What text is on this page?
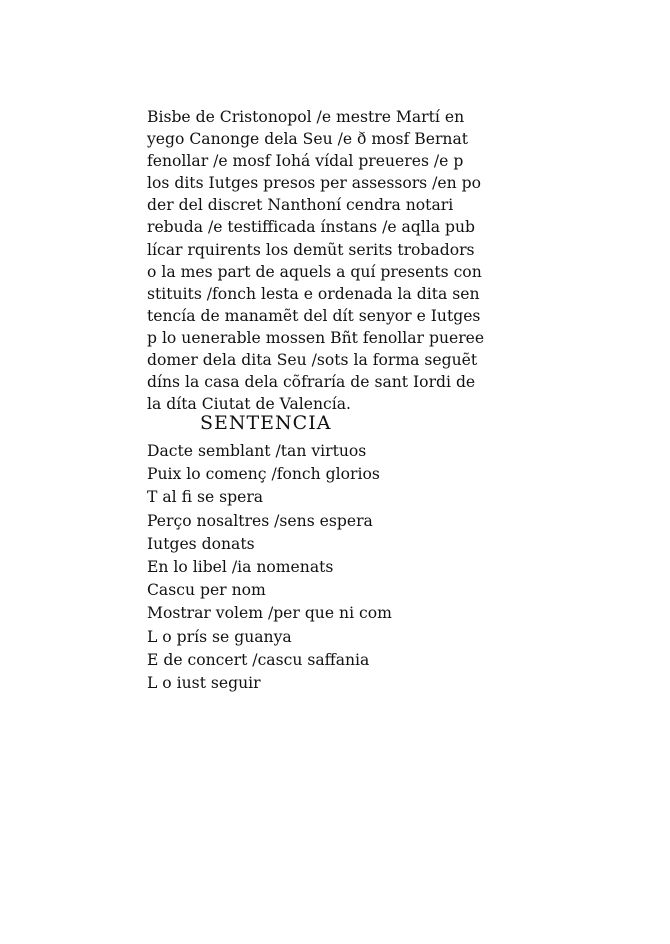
Bisbe de Cristonopol /e mestre Martí en
yego Canonge dela Seu /e ð mosf Bernat
fenollar /e mosf Iohá vídal preueres /e p
los dits Iutges presos per assessors /en po
der del discret Nanthoní cendra notari
rebuda /e testifficada ínstans /e aqlla pub
lícar rquirents los demũt serits trobadors
o la mes part de aquels a quí presents con
stituits /fonch lesta e ordenada la dita sen
tencía de manamẽt del dít senyor e Iutges
p lo uenerable mossen Bñt fenollar pueree
domer dela dita Seu /sots la forma seguẽt
díns la casa dela cõfraría de sant Iordi de
la díta Ciutat de Valencía.
SENTENCIA
Dacte semblant /tan virtuos
Puix lo començ /fonch glorios
T al fi se spera
Perço nosaltres /sens espera
Iutges donats
En lo libel /ia nomenats
Cascu per nom
Mostrar volem /per que ni com
L o prís se guanya
E de concert /cascu saffania
L o iust seguir
